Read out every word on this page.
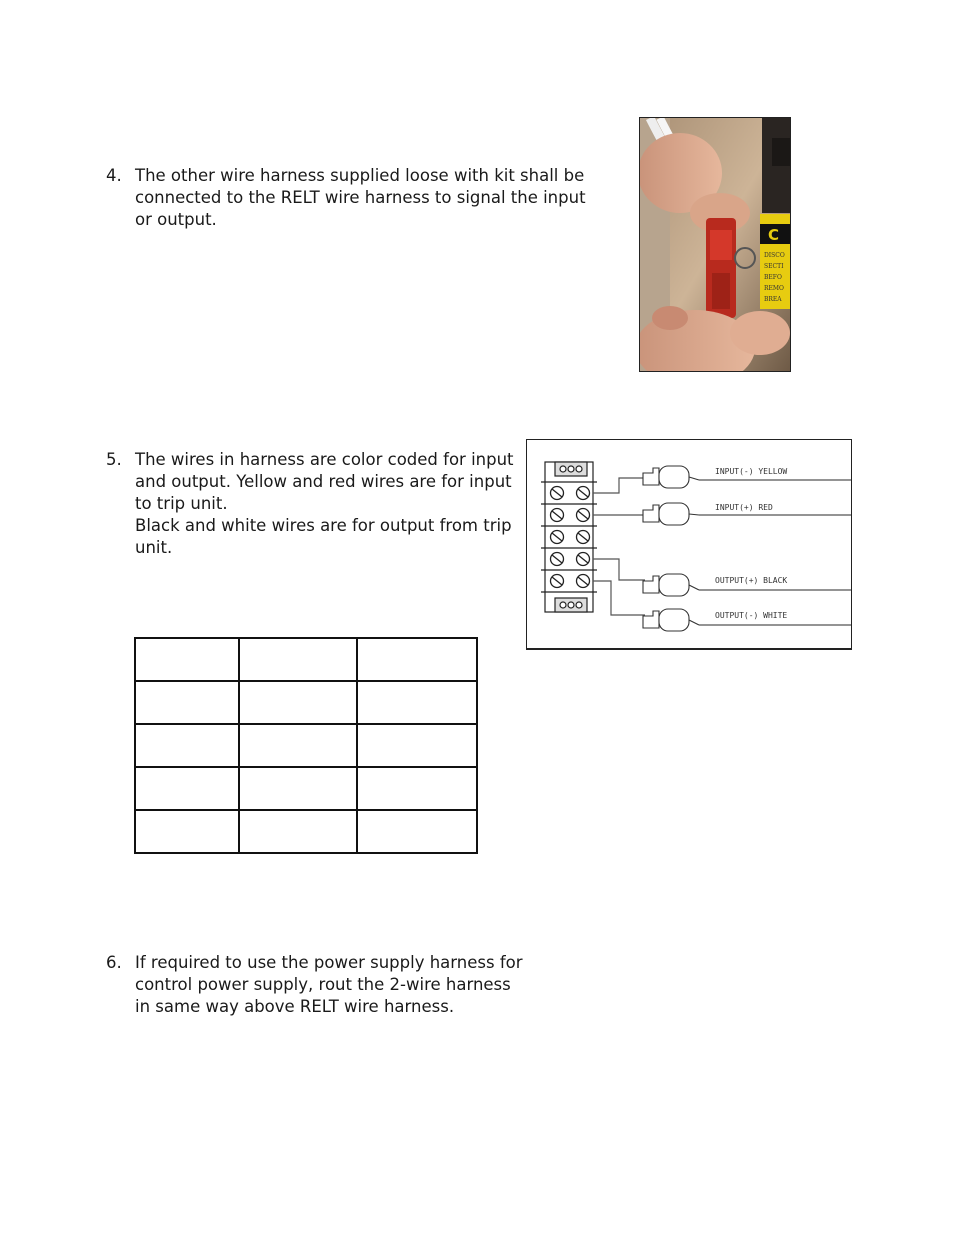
4. The other wire harness supplied loose with kit shall be connected to the RELT wire harness to signal the input or output.

C
DISCO
SECTI
BEFO
REMO
BREA
5. The wires in harness are color coded for input and output. Yellow and red wires are for input to trip unit.

Black and white wires are for output from trip unit.

INPUT(-) YELLOW
INPUT(+) RED
OUTPUT(+) BLACK
OUTPUT(-) WHITE

6. If required to use the power supply harness for control power supply, rout the 2-wire harness in same way above RELT wire harness.
